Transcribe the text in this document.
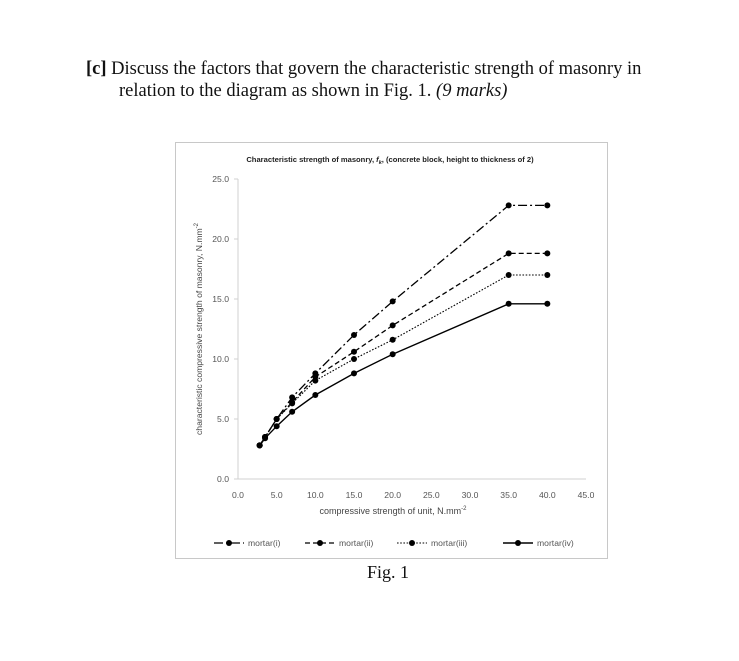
[c] Discuss the factors that govern the characteristic strength of masonry in
relation to the diagram as shown in Fig. 1. (9 marks)
Characteristic strength of masonry, $f_k$, (concrete block, height to thickness of 2)
0.0
5.0
10.0
15.0
20.0
25.0
0.0	5.0	10.0	15.0	20.0	25.0	30.0	35.0	40.0	45.0
compressive strength of unit, $N.mm^{-2}$
characteristic compressive strength of masonry, $N.mm^{-2}$
mortar(i)	mortar(ii)	mortar(iii)	mortar(iv)
Fig. 1
